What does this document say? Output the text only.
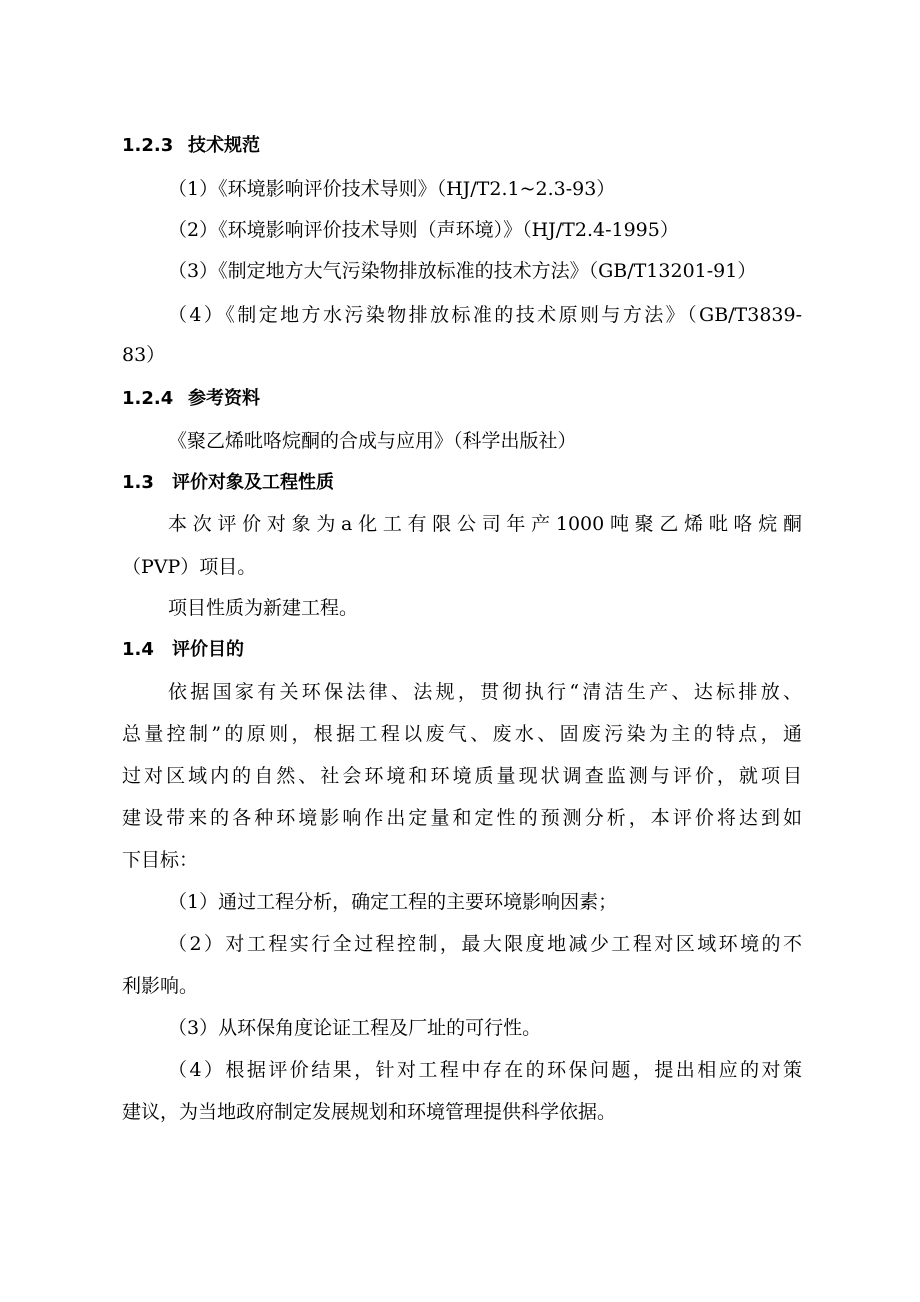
1.2.3 技术规范
（1）《环境影响评价技术导则》（HJ/T2.1~2.3-93）
（2）《环境影响评价技术导则（声环境）》（HJ/T2.4-1995）
（3）《制定地方大气污染物排放标准的技术方法》（GB/T13201-91）
（4）《制定地方水污染物排放标准的技术原则与方法》（GB/T3839-
83）
1.2.4 参考资料
《聚乙烯吡咯烷酮的合成与应用》（科学出版社）
1.3 评价对象及工程性质
本次评价对象为a化工有限公司年产1000吨聚乙烯吡咯烷酮
（PVP）项目。
项目性质为新建工程。
1.4 评价目的
依据国家有关环保法律、法规，贯彻执行“清洁生产、达标排放、
总量控制”的原则，根据工程以废气、废水、固废污染为主的特点，通
过对区域内的自然、社会环境和环境质量现状调查监测与评价，就项目
建设带来的各种环境影响作出定量和定性的预测分析，本评价将达到如
下目标：
（1）通过工程分析，确定工程的主要环境影响因素；
（2）对工程实行全过程控制，最大限度地减少工程对区域环境的不
利影响。
（3）从环保角度论证工程及厂址的可行性。
（4）根据评价结果，针对工程中存在的环保问题，提出相应的对策
建议，为当地政府制定发展规划和环境管理提供科学依据。
